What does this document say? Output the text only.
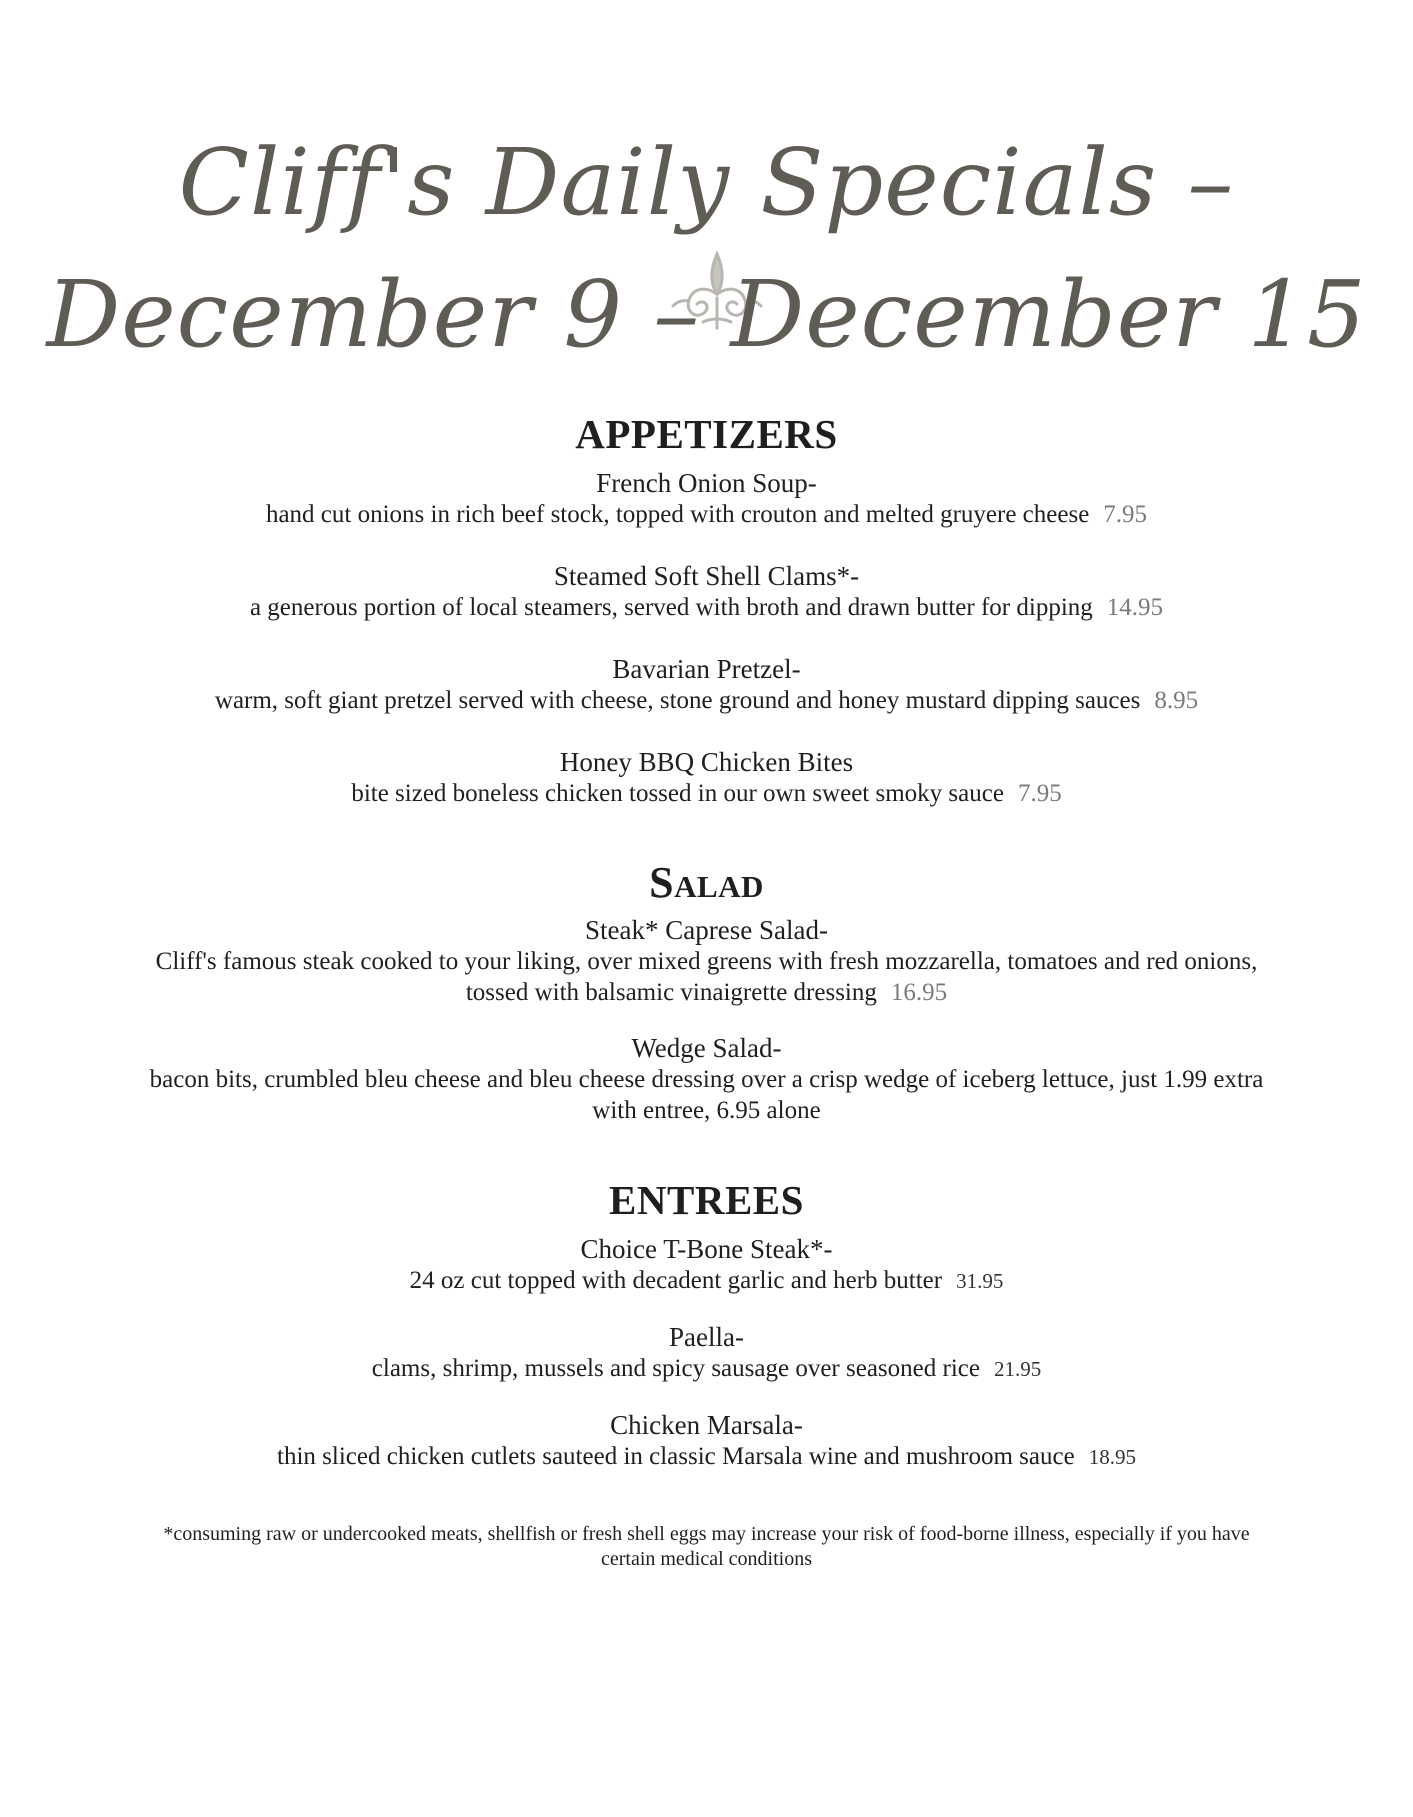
Cliff's Daily Specials –
December 9 – December 15
APPETIZERS
French Onion Soup-
hand cut onions in rich beef stock, topped with crouton and melted gruyere cheese 7.95
Steamed Soft Shell Clams*-
a generous portion of local steamers, served with broth and drawn butter for dipping 14.95
Bavarian Pretzel-
warm, soft giant pretzel served with cheese, stone ground and honey mustard dipping sauces 8.95
Honey BBQ Chicken Bites
bite sized boneless chicken tossed in our own sweet smoky sauce 7.95
Salad
Steak* Caprese Salad-
Cliff's famous steak cooked to your liking, over mixed greens with fresh mozzarella, tomatoes and red onions,
tossed with balsamic vinaigrette dressing 16.95
Wedge Salad-
bacon bits, crumbled bleu cheese and bleu cheese dressing over a crisp wedge of iceberg lettuce, just 1.99 extra
with entree, 6.95 alone
ENTREES
Choice T-Bone Steak*-
24 oz cut topped with decadent garlic and herb butter 31.95
Paella-
clams, shrimp, mussels and spicy sausage over seasoned rice 21.95
Chicken Marsala-
thin sliced chicken cutlets sauteed in classic Marsala wine and mushroom sauce 18.95
*consuming raw or undercooked meats, shellfish or fresh shell eggs may increase your risk of food-borne illness, especially if you have
certain medical conditions
